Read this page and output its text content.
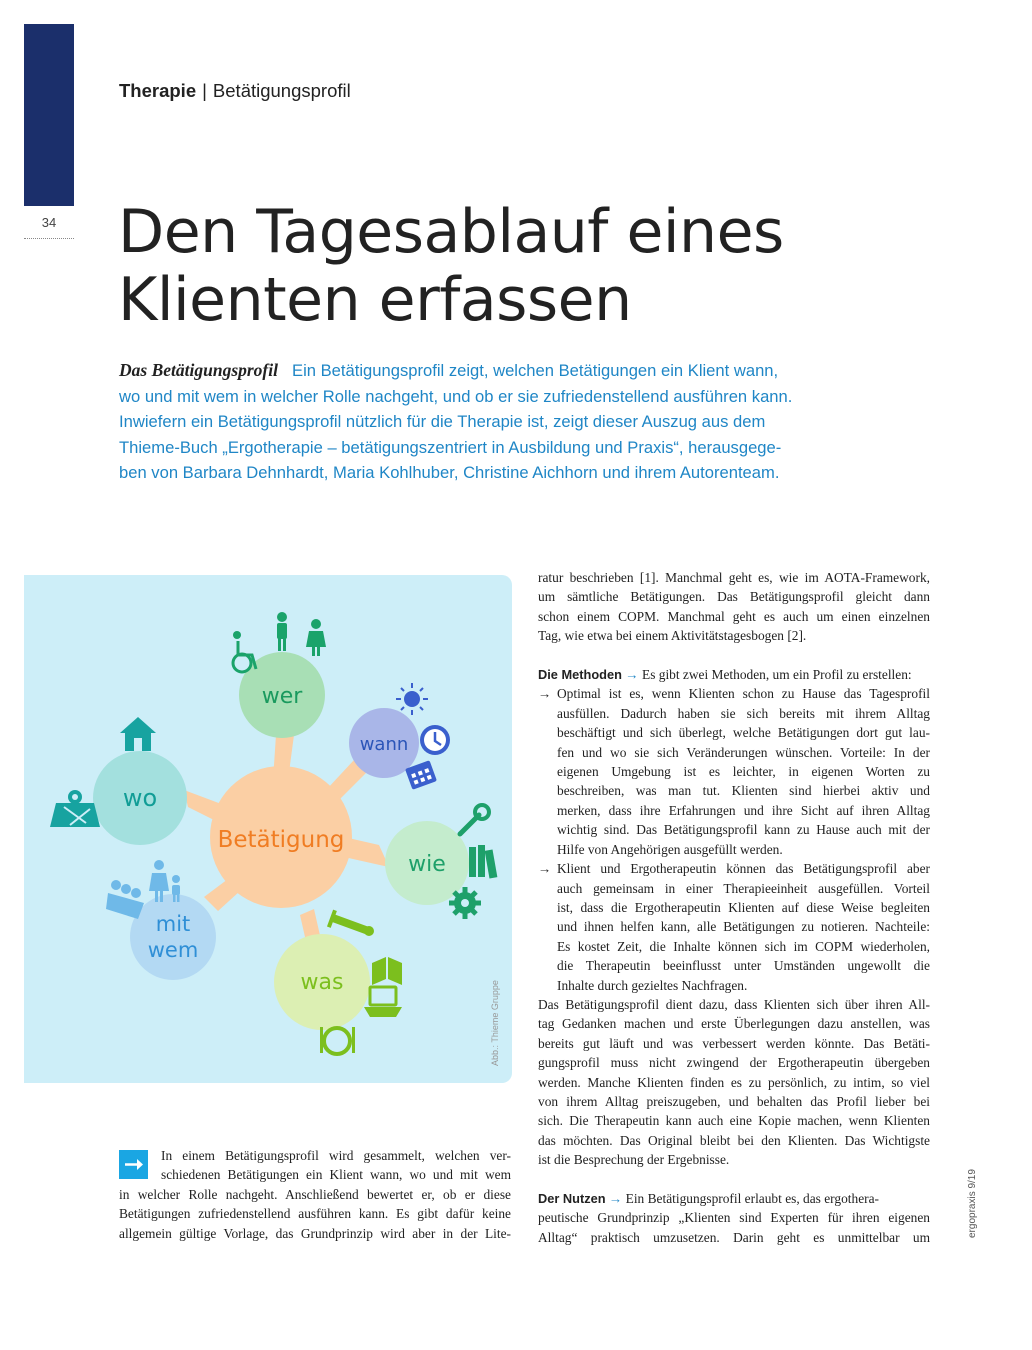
34
Therapie | Betätigungsprofil
Den Tagesablauf eines
Klienten erfassen
Das Betätigungsprofil Ein Betätigungsprofil zeigt, welchen Betätigungen ein Klient wann,
wo und mit wem in welcher Rolle nachgeht, und ob er sie zufriedenstellend ausführen kann.
Inwiefern ein Betätigungsprofil nützlich für die Therapie ist, zeigt dieser Auszug aus dem
Thieme-Buch „Ergotherapie – betätigungszentriert in Ausbildung und Praxis“, herausgege-
ben von Barbara Dehnhardt, Maria Kohlhuber, Christine Aichhorn und ihrem Autorenteam.
Betätigung
wer
wann
wo
wie
mit
wem
was	Abb.: Thieme Gruppe
In einem Betätigungsprofil wird gesammelt, welchen ver-
schiedenen Betätigungen ein Klient wann, wo und mit wem
in welcher Rolle nachgeht. Anschließend bewertet er, ob er diese
Betätigungen zufriedenstellend ausführen kann. Es gibt dafür keine
allgemein gültige Vorlage, das Grundprinzip wird aber in der Lite-
ratur beschrieben [1]. Manchmal geht es, wie im AOTA-Framework,
um sämtliche Betätigungen. Das Betätigungsprofil gleicht dann
schon einem COPM. Manchmal geht es auch um einen einzelnen
Tag, wie etwa bei einem Aktivitätstagesbogen [2].

Die Methoden → Es gibt zwei Methoden, um ein Profil zu erstellen:
→ Optimal ist es, wenn Klienten schon zu Hause das Tagesprofil
ausfüllen. Dadurch haben sie sich bereits mit ihrem Alltag
beschäftigt und sich überlegt, welche Betätigungen dort gut lau-
fen und wo sie sich Veränderungen wünschen. Vorteile: In der
eigenen Umgebung ist es leichter, in eigenen Worten zu
beschreiben, was man tut. Klienten sind hierbei aktiv und
merken, dass ihre Erfahrungen und ihre Sicht auf ihren Alltag
wichtig sind. Das Betätigungsprofil kann zu Hause auch mit der
Hilfe von Angehörigen ausgefüllt werden.
→ Klient und Ergotherapeutin können das Betätigungsprofil aber
auch gemeinsam in einer Therapieeinheit ausgefüllen. Vorteil
ist, dass die Ergotherapeutin Klienten auf diese Weise begleiten
und ihnen helfen kann, alle Betätigungen zu notieren. Nachteile:
Es kostet Zeit, die Inhalte können sich im COPM wiederholen,
die Therapeutin beeinflusst unter Umständen ungewollt die
Inhalte durch gezieltes Nachfragen.
Das Betätigungsprofil dient dazu, dass Klienten sich über ihren All-
tag Gedanken machen und erste Überlegungen dazu anstellen, was
bereits gut läuft und was verbessert werden könnte. Das Betäti-
gungsprofil muss nicht zwingend der Ergotherapeutin übergeben
werden. Manche Klienten finden es zu persönlich, zu intim, so viel
von ihrem Alltag preiszugeben, und behalten das Profil lieber bei
sich. Die Therapeutin kann auch eine Kopie machen, wenn Klienten
das möchten. Das Original bleibt bei den Klienten. Das Wichtigste
ist die Besprechung der Ergebnisse.

Der Nutzen → Ein Betätigungsprofil erlaubt es, das ergothera-
peutische Grundprinzip „Klienten sind Experten für ihren eigenen
Alltag“ praktisch umzusetzen. Darin geht es unmittelbar um	ergopraxis 9/19
